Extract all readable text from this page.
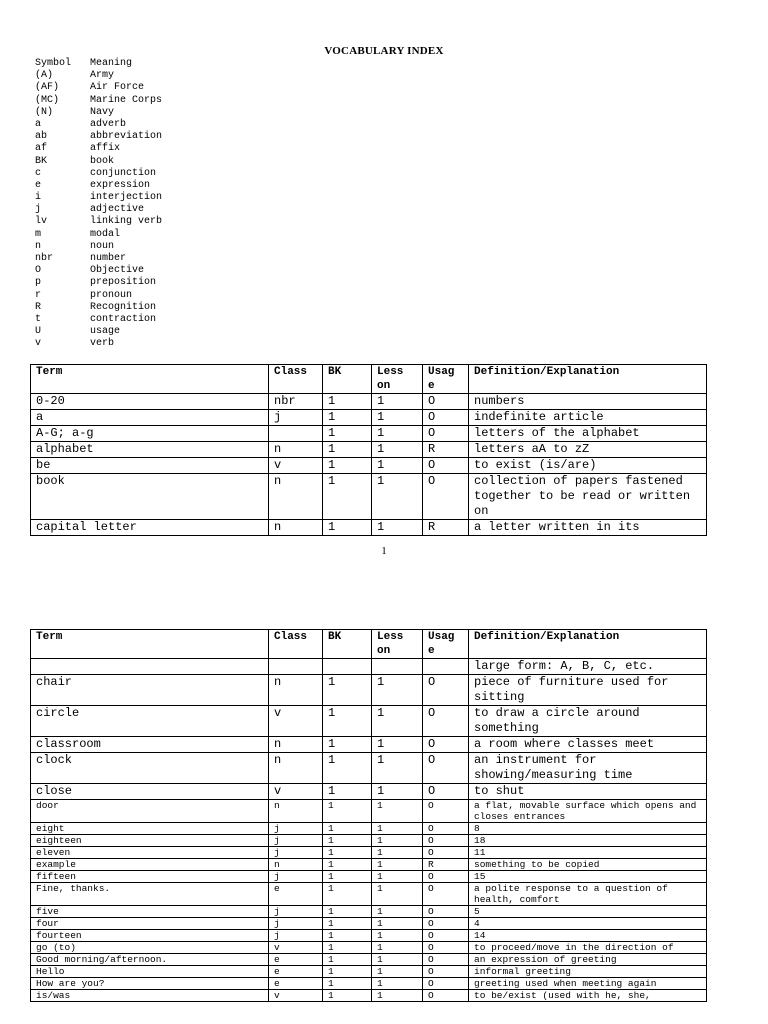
VOCABULARY INDEX
Symbol	Meaning
(A)	Army
(AF)	Air Force
(MC)	Marine Corps
(N)	Navy
a	adverb
ab	abbreviation
af	affix
BK	book
c	conjunction
e	expression
i	interjection
j	adjective
lv	linking verb
m	modal
n	noun
nbr	number
O	Objective
p	preposition
r	pronoun
R	Recognition
t	contraction
U	usage
v	verb
Term	Class	BK	Less on	Usag e	Definition/Explanation
0-20	nbr	1	1	O	numbers
a	j	1	1	O	indefinite article
A-G; a-g		1	1	O	letters of the alphabet
alphabet	n	1	1	R	letters aA to zZ
be	v	1	1	O	to exist (is/are)
book	n	1	1	O	collection of papers fastened together to be read or written on
capital letter	n	1	1	R	a letter written in its
1
Term	Class	BK	Less on	Usag e	Definition/Explanation
					large form: A, B, C, etc.
chair	n	1	1	O	piece of furniture used for sitting
circle	v	1	1	O	to draw a circle around something
classroom	n	1	1	O	a room where classes meet
clock	n	1	1	O	an instrument for showing/measuring time
close	v	1	1	O	to shut
door	n	1	1	O	a flat, movable surface which opens and closes entrances
eight	j	1	1	O	8
eighteen	j	1	1	O	18
eleven	j	1	1	O	11
example	n	1	1	R	something to be copied
fifteen	j	1	1	O	15
Fine, thanks.	e	1	1	O	a polite response to a question of health, comfort
five	j	1	1	O	5
four	j	1	1	O	4
fourteen	j	1	1	O	14
go (to)	v	1	1	O	to proceed/move in the direction of
Good morning/afternoon.	e	1	1	O	an expression of greeting
Hello	e	1	1	O	informal greeting
How are you?	e	1	1	O	greeting used when meeting again
is/was	v	1	1	O	to be/exist (used with he, she,
